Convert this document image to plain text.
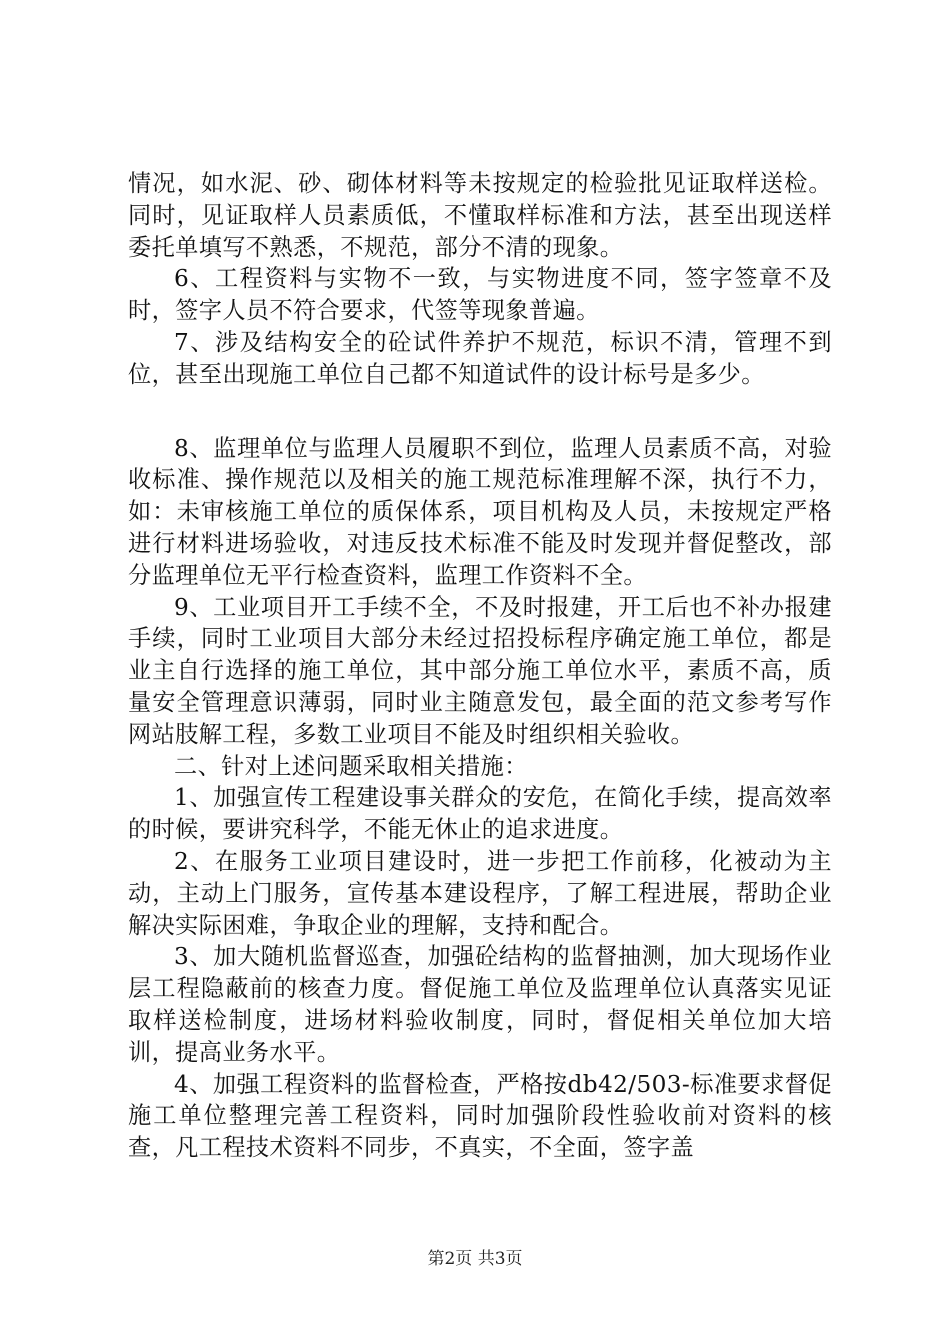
情况，如水泥、砂、砌体材料等未按规定的检验批见证取样送检。同时，见证取样人员素质低，不懂取样标准和方法，甚至出现送样委托单填写不熟悉，不规范，部分不清的现象。

6、工程资料与实物不一致，与实物进度不同，签字签章不及时，签字人员不符合要求，代签等现象普遍。

7、涉及结构安全的砼试件养护不规范，标识不清，管理不到位，甚至出现施工单位自己都不知道试件的设计标号是多少。

8、监理单位与监理人员履职不到位，监理人员素质不高，对验收标准、操作规范以及相关的施工规范标准理解不深，执行不力，如：未审核施工单位的质保体系，项目机构及人员，未按规定严格进行材料进场验收，对违反技术标准不能及时发现并督促整改，部分监理单位无平行检查资料，监理工作资料不全。

9、工业项目开工手续不全，不及时报建，开工后也不补办报建手续，同时工业项目大部分未经过招投标程序确定施工单位，都是业主自行选择的施工单位，其中部分施工单位水平，素质不高，质量安全管理意识薄弱，同时业主随意发包，最全面的范文参考写作网站肢解工程，多数工业项目不能及时组织相关验收。

二、针对上述问题采取相关措施：

1、加强宣传工程建设事关群众的安危，在简化手续，提高效率的时候，要讲究科学，不能无休止的追求进度。

2、在服务工业项目建设时，进一步把工作前移，化被动为主动，主动上门服务，宣传基本建设程序，了解工程进展，帮助企业解决实际困难，争取企业的理解，支持和配合。

3、加大随机监督巡查，加强砼结构的监督抽测，加大现场作业层工程隐蔽前的核查力度。督促施工单位及监理单位认真落实见证取样送检制度，进场材料验收制度，同时，督促相关单位加大培训，提高业务水平。

4、加强工程资料的监督检查，严格按db42/503-标准要求督促施工单位整理完善工程资料，同时加强阶段性验收前对资料的核查，凡工程技术资料不同步，不真实，不全面，签字盖

第2页 共3页
